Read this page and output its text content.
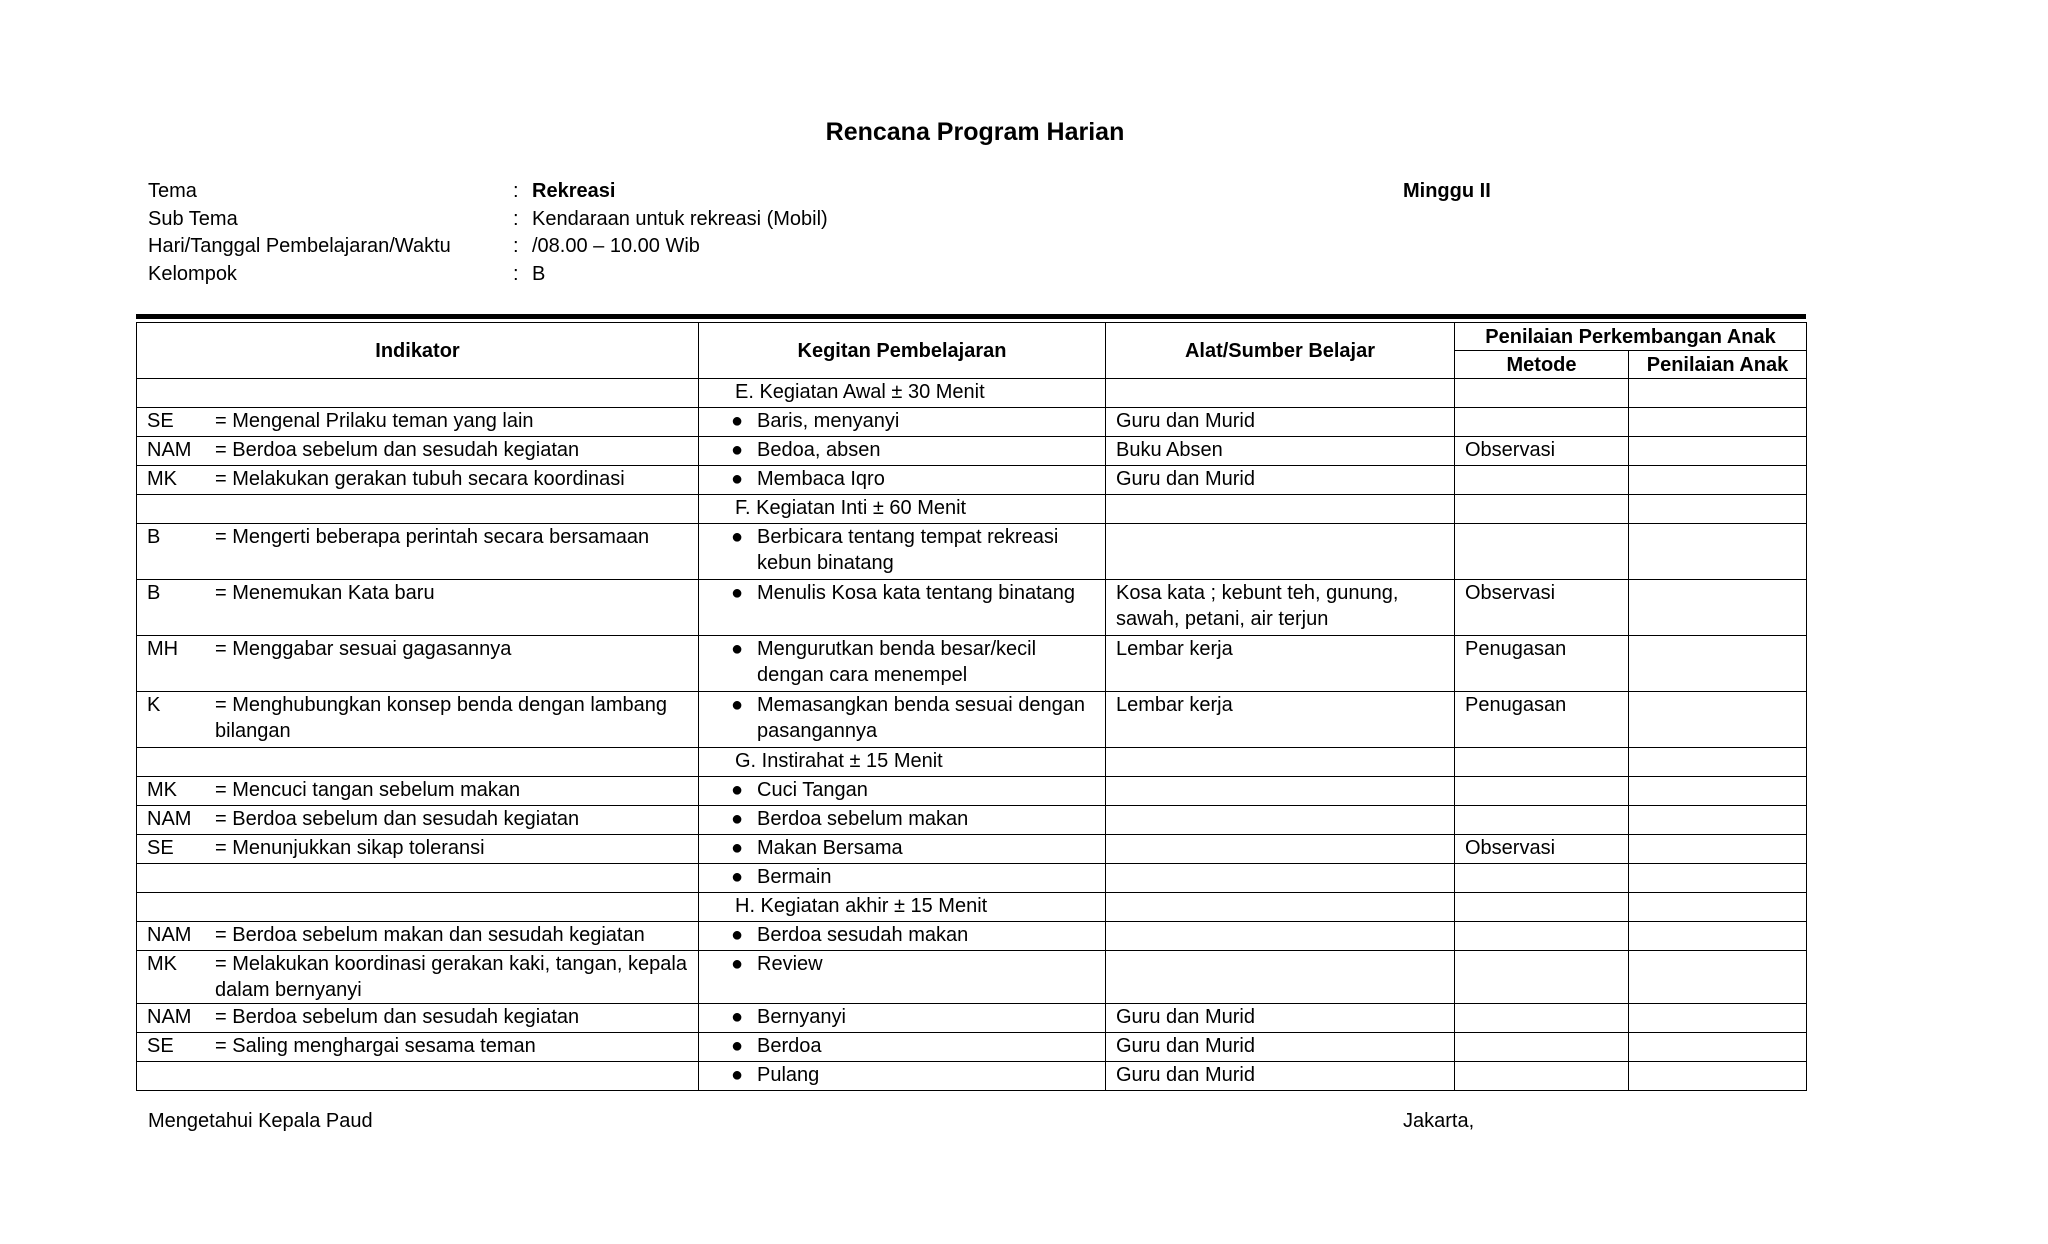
Rencana Program Harian
Tema	: Rekreasi
Sub Tema	: Kendaraan untuk rekreasi (Mobil)
Hari/Tanggal Pembelajaran/Waktu	: /08.00 – 10.00 Wib
Kelompok	: B
Minggu II
Indikator	Kegitan Pembelajaran	Alat/Sumber Belajar	Penilaian Perkembangan Anak	
			Metode	Penilaian Anak

	E. Kegiatan Awal ± 30 Menit			

SE = Mengenal Prilaku teman yang lain	● Baris, menyanyi	Guru dan Murid		

NAM = Berdoa sebelum dan sesudah kegiatan	● Bedoa, absen	Buku Absen	Observasi	

MK = Melakukan gerakan tubuh secara koordinasi	● Membaca Iqro	Guru dan Murid		

	F. Kegiatan Inti ± 60 Menit			

B = Mengerti beberapa perintah secara bersamaan	● Berbicara tentang tempat rekreasi kebun binatang			

B = Menemukan Kata baru	● Menulis Kosa kata tentang binatang	Kosa kata ; kebunt teh, gunung, sawah, petani, air terjun	Observasi	

MH = Menggabar sesuai gagasannya	● Mengurutkan benda besar/kecil dengan cara menempel	Lembar kerja	Penugasan	

K = Menghubungkan konsep benda dengan lambang bilangan	● Memasangkan benda sesuai dengan pasangannya	Lembar kerja	Penugasan	

	G. Instirahat ± 15 Menit			

MK = Mencuci tangan sebelum makan	● Cuci Tangan			

NAM = Berdoa sebelum dan sesudah kegiatan	● Berdoa sebelum makan			

SE = Menunjukkan sikap toleransi	● Makan Bersama		Observasi	

	● Bermain			

	H. Kegiatan akhir ± 15 Menit			

NAM = Berdoa sebelum makan dan sesudah kegiatan	● Berdoa sesudah makan			

MK = Melakukan koordinasi gerakan kaki, tangan, kepala dalam bernyanyi	● Review			

NAM = Berdoa sebelum dan sesudah kegiatan	● Bernyanyi	Guru dan Murid		

SE = Saling menghargai sesama teman	● Berdoa	Guru dan Murid		

	● Pulang	Guru dan Murid		
Mengetahui Kepala Paud	Jakarta,
